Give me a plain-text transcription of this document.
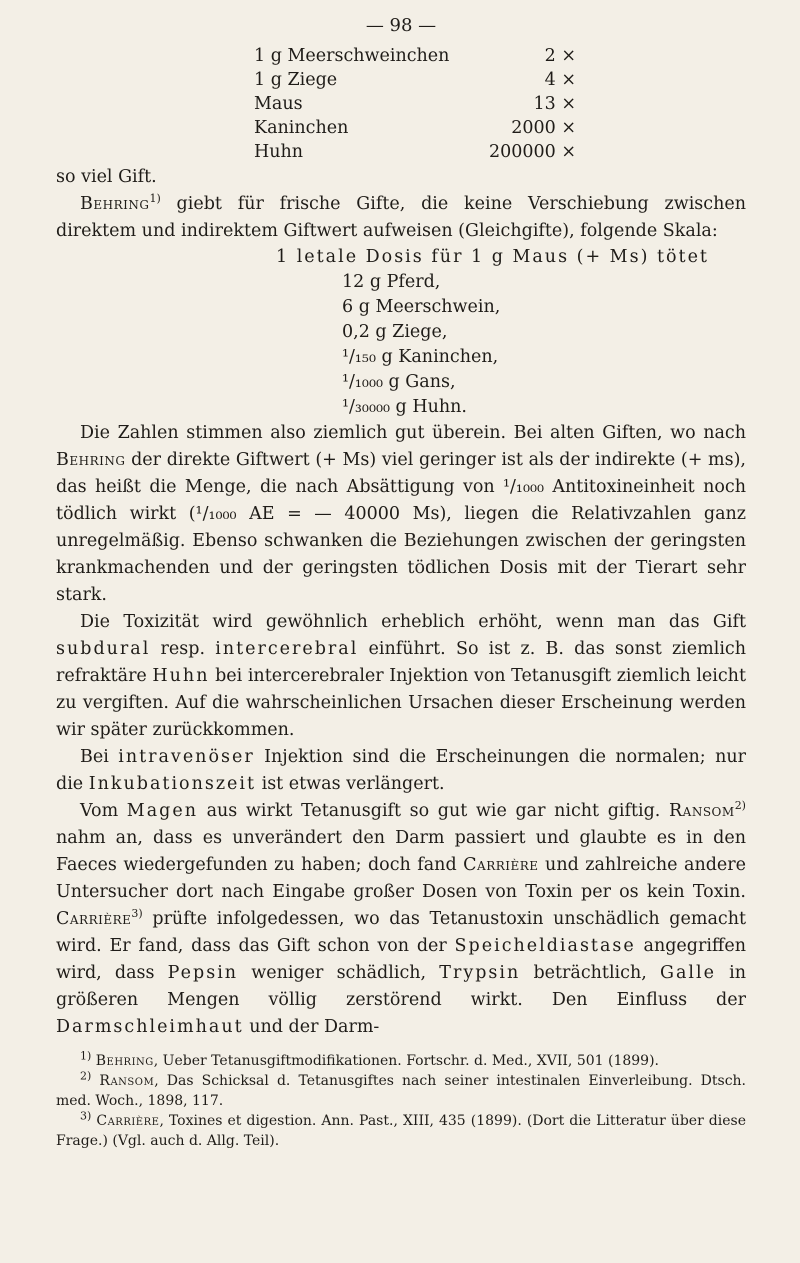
— 98 —
1 g Meerschweinchen	2 ×
1 g Ziege	4 ×
Maus	13 ×
Kaninchen	2000 ×
Huhn	200000 ×

so viel Gift.

Behring$^{1)}$ giebt für frische Gifte, die keine Verschiebung zwischen direktem und indirektem Giftwert aufweisen (Gleichgifte), folgende Skala:

1 letale Dosis für 1 g Maus (+ Ms) tötet
12 g Pferd,
6 g Meerschwein,
0,2 g Ziege,
¹/₁₅₀ g Kaninchen,
¹/₁₀₀₀ g Gans,
¹/₃₀₀₀₀ g Huhn.

Die Zahlen stimmen also ziemlich gut überein. Bei alten Giften, wo nach Behring der direkte Giftwert (+ Ms) viel geringer ist als der indirekte (+ ms), das heißt die Menge, die nach Absättigung von ¹/₁₀₀₀ Antitoxineinheit noch tödlich wirkt (¹/₁₀₀₀ AE = — 40000 Ms), liegen die Relativzahlen ganz unregelmäßig. Ebenso schwanken die Beziehungen zwischen der geringsten krankmachenden und der geringsten tödlichen Dosis mit der Tierart sehr stark.

Die Toxizität wird gewöhnlich erheblich erhöht, wenn man das Gift subdural resp. intercerebral einführt. So ist z. B. das sonst ziemlich refraktäre Huhn bei intercerebraler Injektion von Tetanusgift ziemlich leicht zu vergiften. Auf die wahrscheinlichen Ursachen dieser Erscheinung werden wir später zurückkommen.

Bei intravenöser Injektion sind die Erscheinungen die normalen; nur die Inkubationszeit ist etwas verlängert.

Vom Magen aus wirkt Tetanusgift so gut wie gar nicht giftig. Ransom$^{2)}$ nahm an, dass es unverändert den Darm passiert und glaubte es in den Faeces wiedergefunden zu haben; doch fand Carrière und zahlreiche andere Untersucher dort nach Eingabe großer Dosen von Toxin per os kein Toxin. Carrière$^{3)}$ prüfte infolgedessen, wo das Tetanustoxin unschädlich gemacht wird. Er fand, dass das Gift schon von der Speicheldiastase angegriffen wird, dass Pepsin weniger schädlich, Trypsin beträchtlich, Galle in größeren Mengen völlig zerstörend wirkt. Den Einfluss der Darmschleimhaut und der Darm-

$^{1)}$ Behring, Ueber Tetanusgiftmodifikationen. Fortschr. d. Med., XVII, 501 (1899).

$^{2)}$ Ransom, Das Schicksal d. Tetanusgiftes nach seiner intestinalen Einverleibung. Dtsch. med. Woch., 1898, 117.

$^{3)}$ Carrière, Toxines et digestion. Ann. Past., XIII, 435 (1899). (Dort die Litteratur über diese Frage.) (Vgl. auch d. Allg. Teil).
